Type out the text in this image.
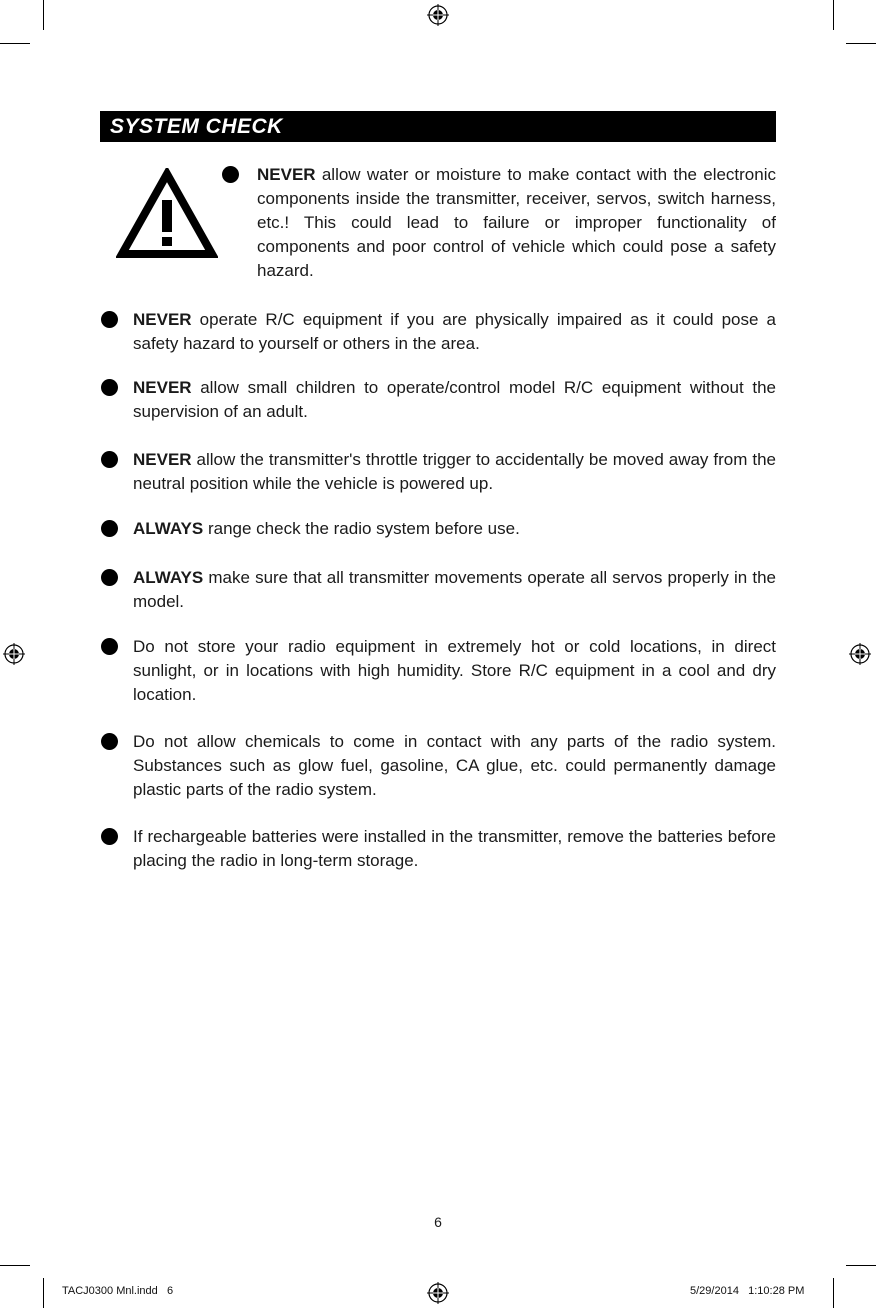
SYSTEM CHECK
NEVER allow water or moisture to make contact with the electronic components inside the transmitter, receiver, servos, switch harness, etc.! This could lead to failure or improper functionality of components and poor control of vehicle which could pose a safety hazard.
NEVER operate R/C equipment if you are physically impaired as it could pose a safety hazard to yourself or others in the area.
NEVER allow small children to operate/control model R/C equipment without the supervision of an adult.
NEVER allow the transmitter's throttle trigger to accidentally be moved away from the neutral position while the vehicle is powered up.
ALWAYS range check the radio system before use.
ALWAYS make sure that all transmitter movements operate all servos properly in the model.
Do not store your radio equipment in extremely hot or cold locations, in direct sunlight, or in locations with high humidity. Store R/C equipment in a cool and dry location.
Do not allow chemicals to come in contact with any parts of the radio system. Substances such as glow fuel, gasoline, CA glue, etc. could permanently damage plastic parts of the radio system.
If rechargeable batteries were installed in the transmitter, remove the batteries before placing the radio in long-term storage.
6
TACJ0300 Mnl.indd   6	5/29/2014   1:10:28 PM
